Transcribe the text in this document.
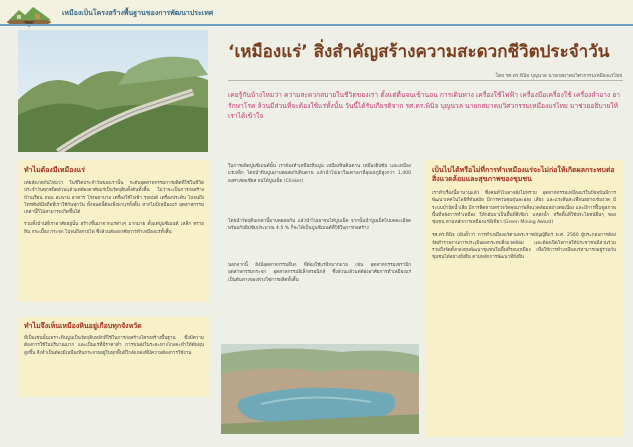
เหมืองเป็นโครงสร้างพื้นฐานของการพัฒนาประเทศ
‘เหมืองแร่’ สิ่งสำคัญสร้างความสะดวกชีวิตประจำวัน
โดย รศ.ดร.พินิจ บุญนวล นายกสมาคมวิศวกรรมเหมืองแร่ไทย
เคยรู้กันบ้างไหมว่า ความสะดวกสบายในชีวิตของเรา ตั้งแต่ตื่นจนเข้านอน การเดินทาง เครื่องใช้ไฟฟ้า เครื่องมือเครื่องใช้ เครื่องสำอาง ยารักษาโรค ล้วนมีส่วนที่จะต้องใช้แร่ทั้งนั้น วันนี้ได้รับเกียรติจาก รศ.ดร.พินิจ บุญนวล นายกสมาคมวิศวกรรมเหมืองแร่ไทย มาช่วยอธิบายให้เราได้เข้าใจ
ทำไมต้องมีเหมืองแร่
เคยสังเกตกันไหมว่า ในชีวิตประจำวันของเรานั้น ระดับอุตสาหกรรมการผลิตที่ใช้ในชีวิตประจำวันทุกชนิดล้วนแล้วแต่ต้องอาศัยแร่เป็นวัตถุดิบตั้งต้นทั้งสิ้น ไม่ว่าจะเป็นการก่อสร้างบ้านเรือน ถนน สะพาน อาคาร โรงพยาบาล เครื่องใช้ไฟฟ้า รถยนต์ เครื่องประดับ ไปจนถึงโทรศัพท์มือถือที่เราใช้กันทุกวัน ทั้งหมดนี้ต้องพึ่งพาแร่ทั้งสิ้น หากไม่มีเหมืองแร่ อุตสาหกรรมเหล่านี้ก็ไม่สามารถเกิดขึ้นได้
รวมทั้งบ้านที่เราอาศัยอยู่นั้น สร้างขึ้นมาจากแร่ต่างๆ มากมาย ตั้งแต่ปูนซีเมนต์ เหล็ก ทราย หิน กระเบื้อง กระจก ไปจนถึงสายไฟ ซึ่งล้วนต้องอาศัยการทำเหมืองแร่ทั้งสิ้น
ทำไมจึงเห็นเหมืองหินอยู่เกือบทุกจังหวัด
ที่เป็นเช่นนั้นเพราะหินปูนเป็นวัตถุดิบหลักที่ใช้ในการก่อสร้างโครงสร้างพื้นฐาน ซึ่งมีความต้องการใช้ในปริมาณมาก และเป็นแร่ที่มีราคาต่ำ การขนส่งในระยะทางไกลจะทำให้ต้นทุนสูงขึ้น จึงจำเป็นต้องมีเหมืองหินกระจายอยู่ในทุกพื้นที่ใกล้แหล่งที่มีความต้องการใช้งาน
ในการผลิตปูนซีเมนต์นั้น เราต้องทำเหมืองหินปูน เหมืองหินดินดาน เหมืองยิปซัม และเหมืองแร่เหล็ก โดยนำหินปูนมาบดผสมกับดินดาน แล้วนำไปเผาในเตาเผาที่อุณหภูมิสูงกว่า 1,400 องศาเซลเซียส จนได้ปูนเม็ด (Clinker)
โดยนำวัตถุดิบเหล่านี้มาบดผสมกัน แล้วนำไปเผาจนได้ปูนเม็ด จากนั้นนำปูนเม็ดไปบดละเอียดพร้อมกับยิปซัมประมาณ 4-5 % ก็จะได้เป็นปูนซีเมนต์ที่ใช้ในการก่อสร้าง
นอกจากนี้ ยังมีอุตสาหกรรมอื่นๆ ที่ต้องใช้แร่อีกมากมาย เช่น อุตสาหกรรมเซรามิก อุตสาหกรรมกระจก อุตสาหกรรมอิเล็กทรอนิกส์ ซึ่งล้วนแล้วแต่ต้องอาศัยการทำเหมืองแร่เป็นต้นทางของห่วงโซ่การผลิตทั้งสิ้น
เป็นไปได้หรือไม่ที่การทำเหมืองแร่จะไม่ก่อให้เกิดผลกระทบต่อสิ่งแวดล้อมและสุขภาพของชุมชน
เราทำเรื่องนี้มานานแล้ว ซึ่งคนทั่วไปอาจยังไม่ทราบ อุตสาหกรรมเหมืองแร่ในปัจจุบันมีการพัฒนาเทคโนโลยีที่ทันสมัย มีการควบคุมฝุ่นละออง เสียง และแรงสั่นสะเทือนอย่างเข้มงวด มีระบบบำบัดน้ำเสีย มีการติดตามตรวจวัดคุณภาพสิ่งแวดล้อมอย่างต่อเนื่อง และมีการฟื้นฟูสภาพพื้นที่หลังการทำเหมือง ให้กลับมาเป็นพื้นที่สีเขียว แหล่งน้ำ หรือพื้นที่ใช้ประโยชน์อื่นๆ ของชุมชน ตามหลักการเหมืองแร่สีเขียว (Green Mining Award)
รศ.ดร.พินิจ เน้นย้ำว่า การทำเหมืองแร่ตามพระราชบัญญัติแร่ พ.ศ. 2560 ผู้ประกอบการต้องจัดทำรายงานการประเมินผลกระทบสิ่งแวดล้อม และต้องเปิดโอกาสให้ประชาชนมีส่วนร่วม รวมถึงจัดตั้งกองทุนพัฒนาชุมชนในพื้นที่รอบเหมือง เพื่อให้การทำเหมืองแร่สามารถอยู่ร่วมกับชุมชนได้อย่างยั่งยืน ตามหลักการพัฒนาที่ยั่งยืน
